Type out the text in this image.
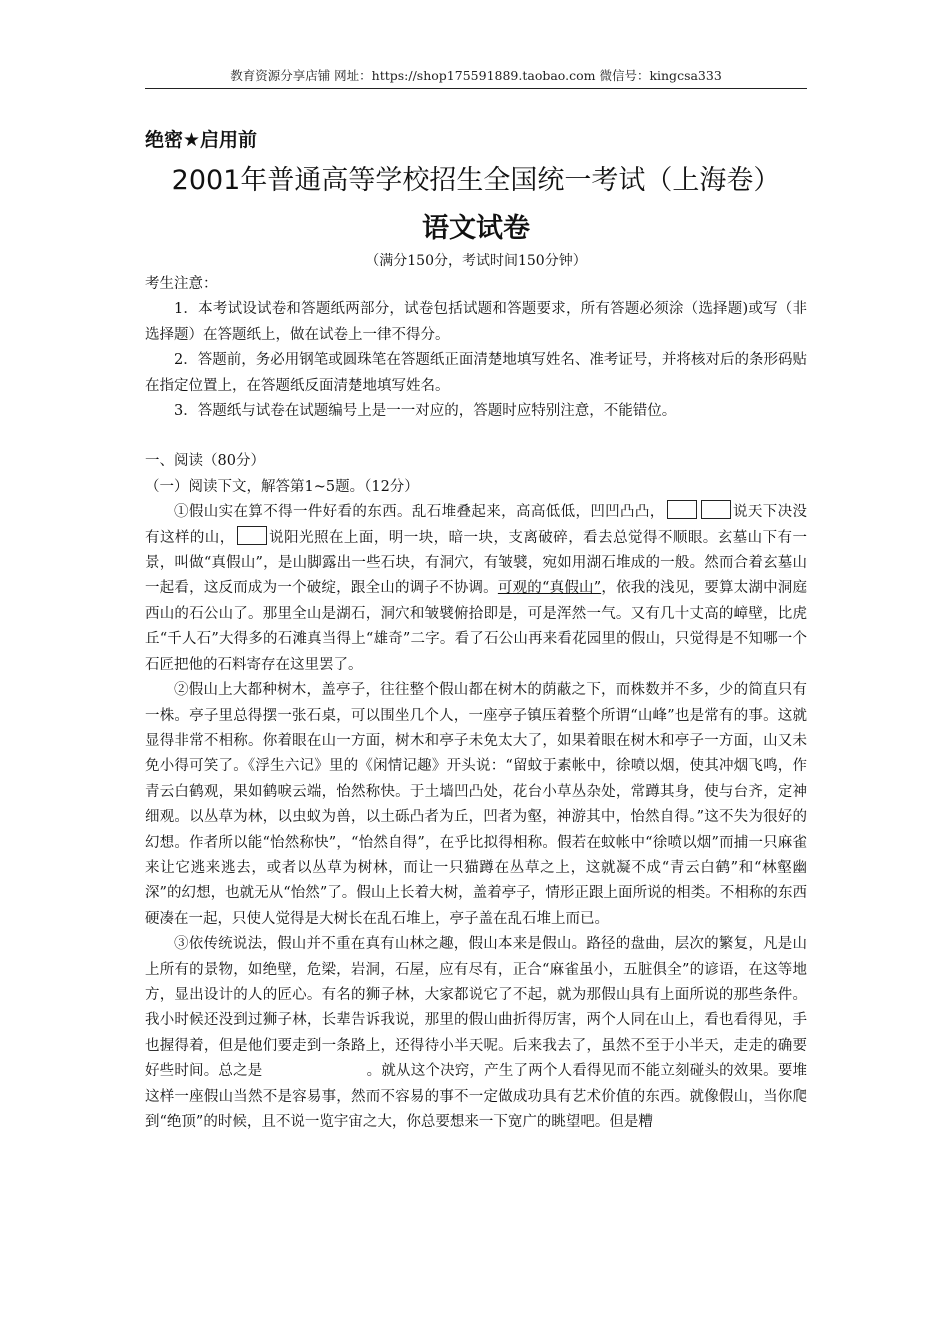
教育资源分享店铺 网址：https://shop175591889.taobao.com 微信号：kingcsa333
绝密★启用前
2001年普通高等学校招生全国统一考试（上海卷）
语文试卷
（满分150分，考试时间150分钟）

考生注意：

1．本考试设试卷和答题纸两部分，试卷包括试题和答题要求，所有答题必须涂（选择题)或写（非选择题）在答题纸上，做在试卷上一律不得分。

2．答题前，务必用钢笔或圆珠笔在答题纸正面清楚地填写姓名、准考证号，并将核对后的条形码贴在指定位置上，在答题纸反面清楚地填写姓名。

3．答题纸与试卷在试题编号上是一一对应的，答题时应特别注意，不能错位。

一、阅读（80分）

（一）阅读下文，解答第1~5题。（12分）

①假山实在算不得一件好看的东西。乱石堆叠起来，高高低低，凹凹凸凸，	说天下决没有这样的山， 说阳光照在上面，明一块，暗一块，支离破碎，看去总觉得不顺眼。玄墓山下有一景，叫做“真假山”，是山脚露出一些石块，有洞穴，有皱襞，宛如用湖石堆成的一般。然而合着玄墓山一起看，这反而成为一个破绽，跟全山的调子不协调。可观的“真假山”，依我的浅见，要算太湖中洞庭西山的石公山了。那里全山是湖石，洞穴和皱襞俯拾即是，可是浑然一气。又有几十丈高的嶂壁，比虎丘“千人石”大得多的石滩真当得上“雄奇”二字。看了石公山再来看花园里的假山，只觉得是不知哪一个石匠把他的石料寄存在这里罢了。

②假山上大都种树木，盖亭子，往往整个假山都在树木的荫蔽之下，而株数并不多，少的简直只有一株。亭子里总得摆一张石桌，可以围坐几个人，一座亭子镇压着整个所谓“山峰”也是常有的事。这就显得非常不相称。你着眼在山一方面，树木和亭子未免太大了，如果着眼在树木和亭子一方面，山又未免小得可笑了。《浮生六记》里的《闲情记趣》开头说：“留蚊于素帐中，徐喷以烟，使其冲烟飞鸣，作青云白鹤观，果如鹤唳云端，怡然称快。于土墙凹凸处，花台小草丛杂处，常蹲其身，使与台齐，定神细观。以丛草为林，以虫蚁为兽，以土砾凸者为丘，凹者为壑，神游其中，怡然自得。”这不失为很好的幻想。作者所以能“怡然称快”，“怡然自得”，在乎比拟得相称。假若在蚊帐中“徐喷以烟”而捕一只麻雀来让它逃来逃去，或者以丛草为树林，而让一只猫蹲在丛草之上，这就凝不成“青云白鹤”和“林壑幽深”的幻想，也就无从“怡然”了。假山上长着大树，盖着亭子，情形正跟上面所说的相类。不相称的东西硬凑在一起，只使人觉得是大树长在乱石堆上，亭子盖在乱石堆上而已。

③依传统说法，假山并不重在真有山林之趣，假山本来是假山。路径的盘曲，层次的繁复，凡是山上所有的景物，如绝壁，危梁，岩洞，石屋，应有尽有，正合“麻雀虽小，五脏俱全”的谚语，在这等地方，显出设计的人的匠心。有名的狮子林，大家都说它了不起，就为那假山具有上面所说的那些条件。我小时候还没到过狮子林，长辈告诉我说，那里的假山曲折得厉害，两个人同在山上，看也看得见，手也握得着，但是他们要走到一条路上，还得待小半天呢。后来我去了，虽然不至于小半天，走走的确要好些时间。总之是	。就从这个决窍，产生了两个人看得见而不能立刻碰头的效果。要堆这样一座假山当然不是容易事，然而不容易的事不一定做成功具有艺术价值的东西。就像假山，当你爬到“绝顶”的时候，且不说一览宇宙之大，你总要想来一下宽广的眺望吧。但是糟
